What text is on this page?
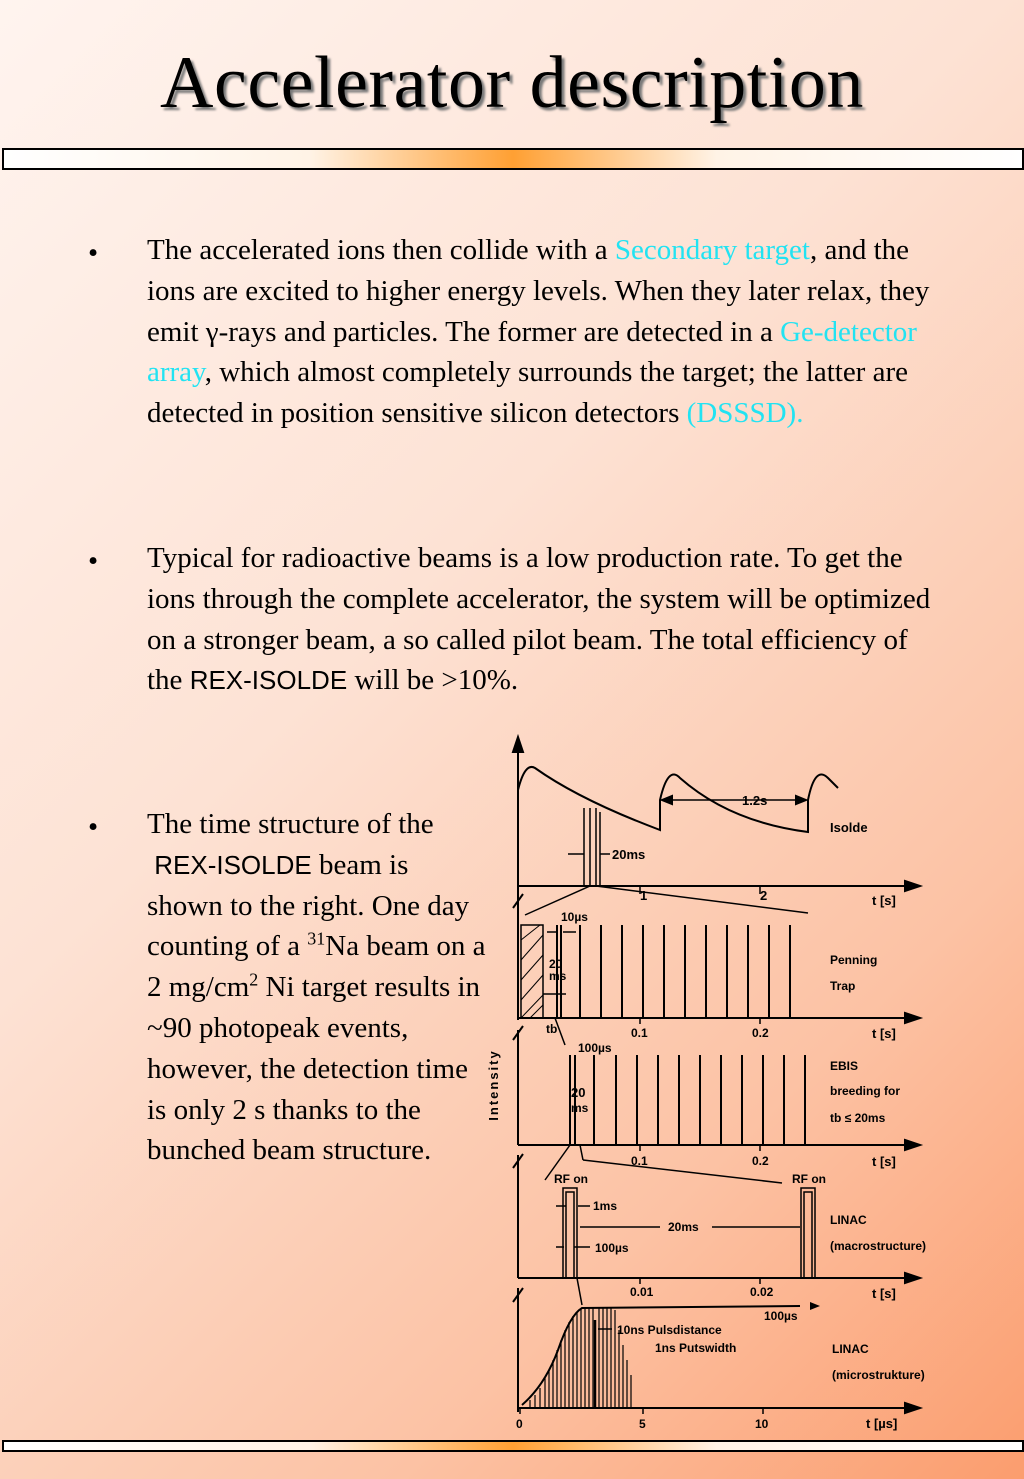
Accelerator description
• The accelerated ions then collide with a Secondary target, and the ions are excited to higher energy levels. When they later relax, they emit γ-rays and particles. The former are detected in a Ge-detector array, which almost completely surrounds the target; the latter are detected in position sensitive silicon detectors (DSSSD).
• Typical for radioactive beams is a low production rate. To get the ions through the complete accelerator, the system will be optimized on a stronger beam, a so called pilot beam. The total efficiency of the REX-ISOLDE will be >10%.
• The time structure of the
REX-ISOLDE beam is shown to the right. One day counting of a $^{31}$Na beam on a 2 $mg/cm^2$ Ni target results in ~90 photopeak events, however, the detection time is only 2 s thanks to the bunched beam structure.
Intensity
Isolde
t [s]
1	2
1.2s
20ms
Penning
Trap
t [s]
0.1	0.2
10µs
20
ms
tb
EBIS
breeding for
tb ≤ 20ms
t [s]
0.1	0.2
100µs
20
ms
LINAC
(macrostructure)
t [s]
0.01	0.02
RF on	RF on
1ms
20ms
100µs
LINAC
(microstrukture)
t [µs]
0	5	10
100µs
10ns Pulsdistance
1ns Putswidth
